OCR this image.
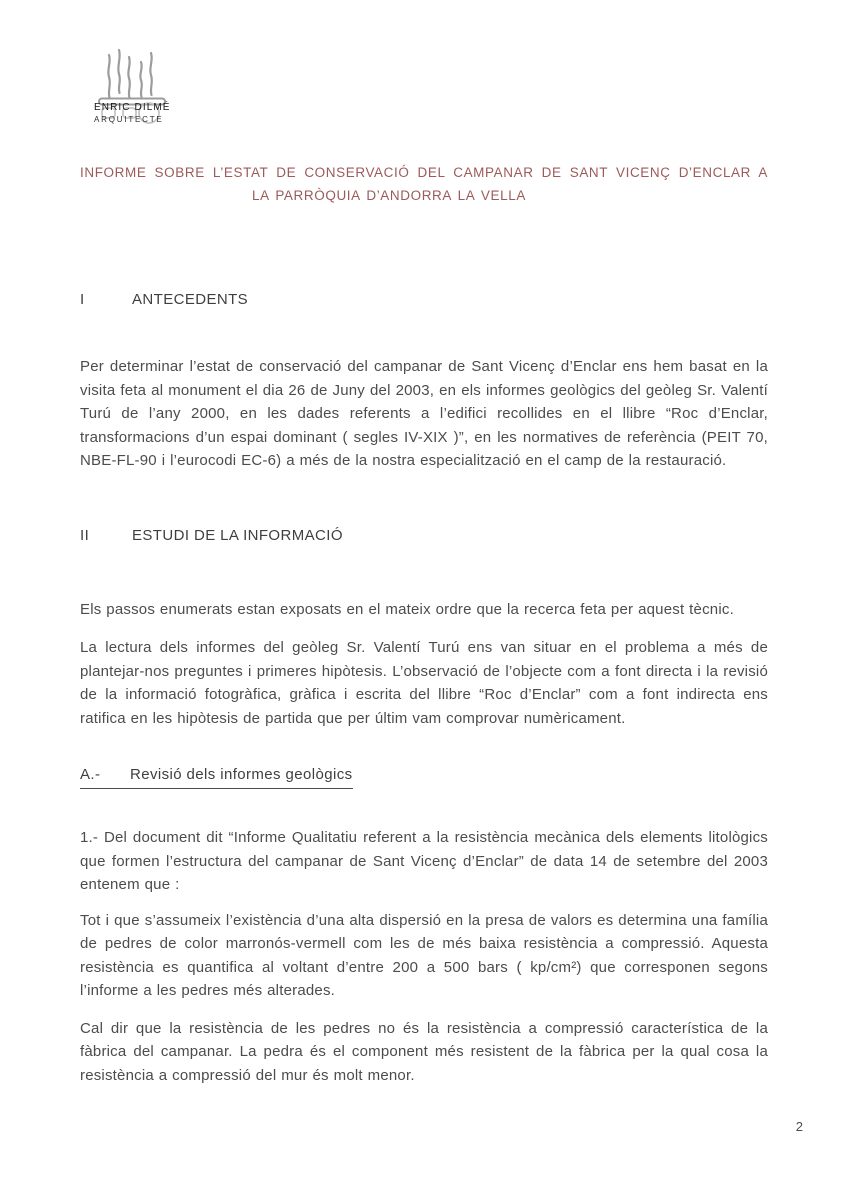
ENRIC DILMÉ
ARQUITECTE
INFORME SOBRE L’ESTAT DE CONSERVACIÓ DEL CAMPANAR DE SANT VICENÇ D’ENCLAR A
LA PARRÒQUIA D’ANDORRA LA VELLA
I	ANTECEDENTS

Per determinar l’estat de conservació del campanar de Sant Vicenç d’Enclar ens hem basat en la visita feta al monument el dia 26 de Juny del 2003, en els informes geològics del geòleg Sr. Valentí Turú de l’any 2000, en les dades referents a l’edifici recollides en el llibre “Roc d’Enclar, transformacions d’un espai dominant ( segles IV-XIX )”, en les normatives de referència (PEIT 70, NBE-FL-90 i l’eurocodi EC-6) a més de la nostra especialització en el camp de la restauració.

II	ESTUDI DE LA INFORMACIÓ

Els passos enumerats estan exposats en el mateix ordre que la recerca feta per aquest tècnic.

La lectura dels informes del geòleg Sr. Valentí Turú ens van situar en el problema a més de plantejar-nos preguntes i primeres hipòtesis. L’observació de l’objecte com a font directa i la revisió de la informació fotogràfica, gràfica i escrita del llibre “Roc d’Enclar” com a font indirecta ens ratifica en les hipòtesis de partida que per últim vam comprovar numèricament.

A.- Revisió dels informes geològics

1.- Del document dit “Informe Qualitatiu referent a la resistència mecànica dels elements litològics que formen l’estructura del campanar de Sant Vicenç d’Enclar” de data 14 de setembre del 2003 entenem que :

Tot i que s’assumeix l’existència d’una alta dispersió en la presa de valors es determina una família de pedres de color marronós-vermell com les de més baixa resistència a compressió. Aquesta resistència es quantifica al voltant d’entre 200 a 500 bars ( kp/cm²) que corresponen segons l’informe a les pedres més alterades.

Cal dir que la resistència de les pedres no és la resistència a compressió característica de la fàbrica del campanar. La pedra és el component més resistent de la fàbrica per la qual cosa la resistència a compressió del mur és molt menor.

2
